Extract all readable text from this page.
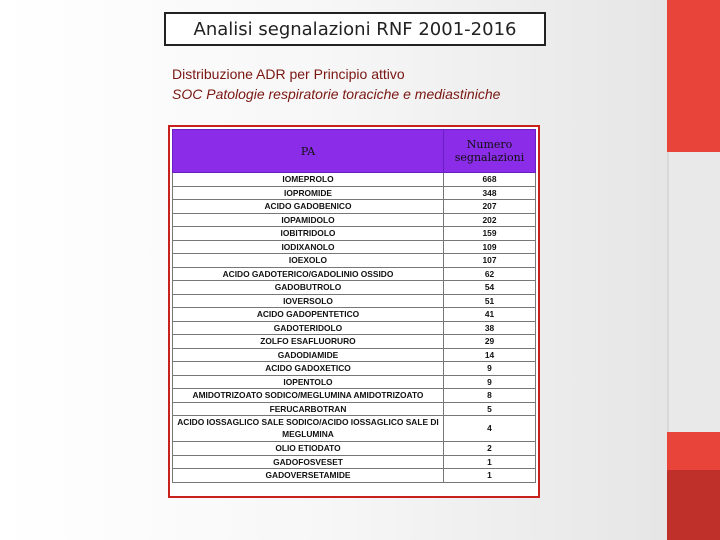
Analisi segnalazioni RNF 2001-2016
Distribuzione ADR per Principio attivo
SOC Patologie respiratorie toraciche e mediastiniche
PA	Numero
segnalazioni
IOMEPROLO	668
IOPROMIDE	348
ACIDO GADOBENICO	207
IOPAMIDOLO	202
IOBITRIDOLO	159
IODIXANOLO	109
IOEXOLO	107
ACIDO GADOTERICO/GADOLINIO OSSIDO	62
GADOBUTROLO	54
IOVERSOLO	51
ACIDO GADOPENTETICO	41
GADOTERIDOLO	38
ZOLFO ESAFLUORURO	29
GADODIAMIDE	14
ACIDO GADOXETICO	9
IOPENTOLO	9
AMIDOTRIZOATO SODICO/MEGLUMINA AMIDOTRIZOATO	8
FERUCARBOTRAN	5
ACIDO IOSSAGLICO SALE SODICO/ACIDO IOSSAGLICO SALE DI MEGLUMINA	4
OLIO ETIODATO	2
GADOFOSVESET	1
GADOVERSETAMIDE	1
